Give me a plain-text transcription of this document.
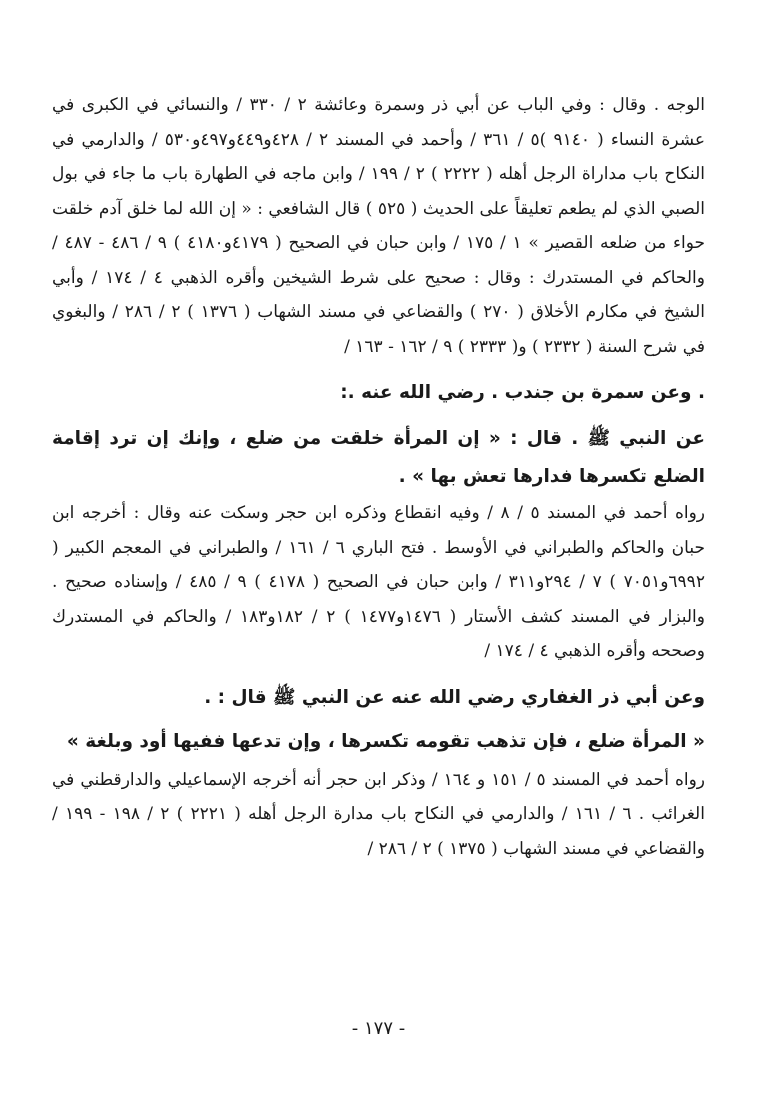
الوجه . وقال : وفي الباب عن أبي ذر وسمرة وعائشة ٢ / ٣٣٠ / والنسائي في الكبرى في عشرة النساء ( ٩١٤٠ )٥ / ٣٦١ / وأحمد في المسند ٢ / ٤٢٨و٤٤٩و٤٩٧و٥٣٠ / والدارمي في النكاح باب مداراة الرجل أهله ( ٢٢٢٢ ) ٢ / ١٩٩ / وابن ماجه في الطهارة باب ما جاء في بول الصبي الذي لم يطعم تعليقاً على الحديث ( ٥٢٥ ) قال الشافعي : « إن الله لما خلق آدم خلقت حواء من ضلعه القصير » ١ / ١٧٥ / وابن حبان في الصحيح ( ٤١٧٩و٤١٨٠ ) ٩ / ٤٨٦ - ٤٨٧ / والحاكم في المستدرك : وقال : صحيح على شرط الشيخين وأقره الذهبي ٤ / ١٧٤ / وأبي الشيخ في مكارم الأخلاق ( ٢٧٠ ) والقضاعي في مسند الشهاب ( ١٣٧٦ ) ٢ / ٢٨٦ / والبغوي في شرح السنة ( ٢٣٣٢ ) و( ٢٣٣٣ ) ٩ / ١٦٢ - ١٦٣ /

. وعن سمرة بن جندب . رضي الله عنه .:

عن النبي ﷺ . قال : « إن المرأة خلقت من ضلع ، وإنك إن ترد إقامة الضلع تكسرها فدارها تعش بها » .

رواه أحمد في المسند ٥ / ٨ / وفيه انقطاع وذكره ابن حجر وسكت عنه وقال : أخرجه ابن حبان والحاكم والطبراني في الأوسط . فتح الباري ٦ / ١٦١ / والطبراني في المعجم الكبير ( ٦٩٩٢و٧٠٥١ ) ٧ / ٢٩٤و٣١١ / وابن حبان في الصحيح ( ٤١٧٨ ) ٩ / ٤٨٥ / وإسناده صحيح . والبزار في المسند كشف الأستار ( ١٤٧٦و١٤٧٧ ) ٢ / ١٨٢و١٨٣ / والحاكم في المستدرك وصححه وأقره الذهبي ٤ / ١٧٤ /

وعن أبي ذر الغفاري رضي الله عنه عن النبي ﷺ قال : .

« المرأة ضلع ، فإن تذهب تقومه تكسرها ، وإن تدعها ففيها أود وبلغة »

رواه أحمد في المسند ٥ / ١٥١ و ١٦٤ / وذكر ابن حجر أنه أخرجه الإسماعيلي والدارقطني في الغرائب . ٦ / ١٦١ / والدارمي في النكاح باب مدارة الرجل أهله ( ٢٢٢١ ) ٢ / ١٩٨ - ١٩٩ / والقضاعي في مسند الشهاب ( ١٣٧٥ ) ٢ / ٢٨٦ /

- ١٧٧ -
